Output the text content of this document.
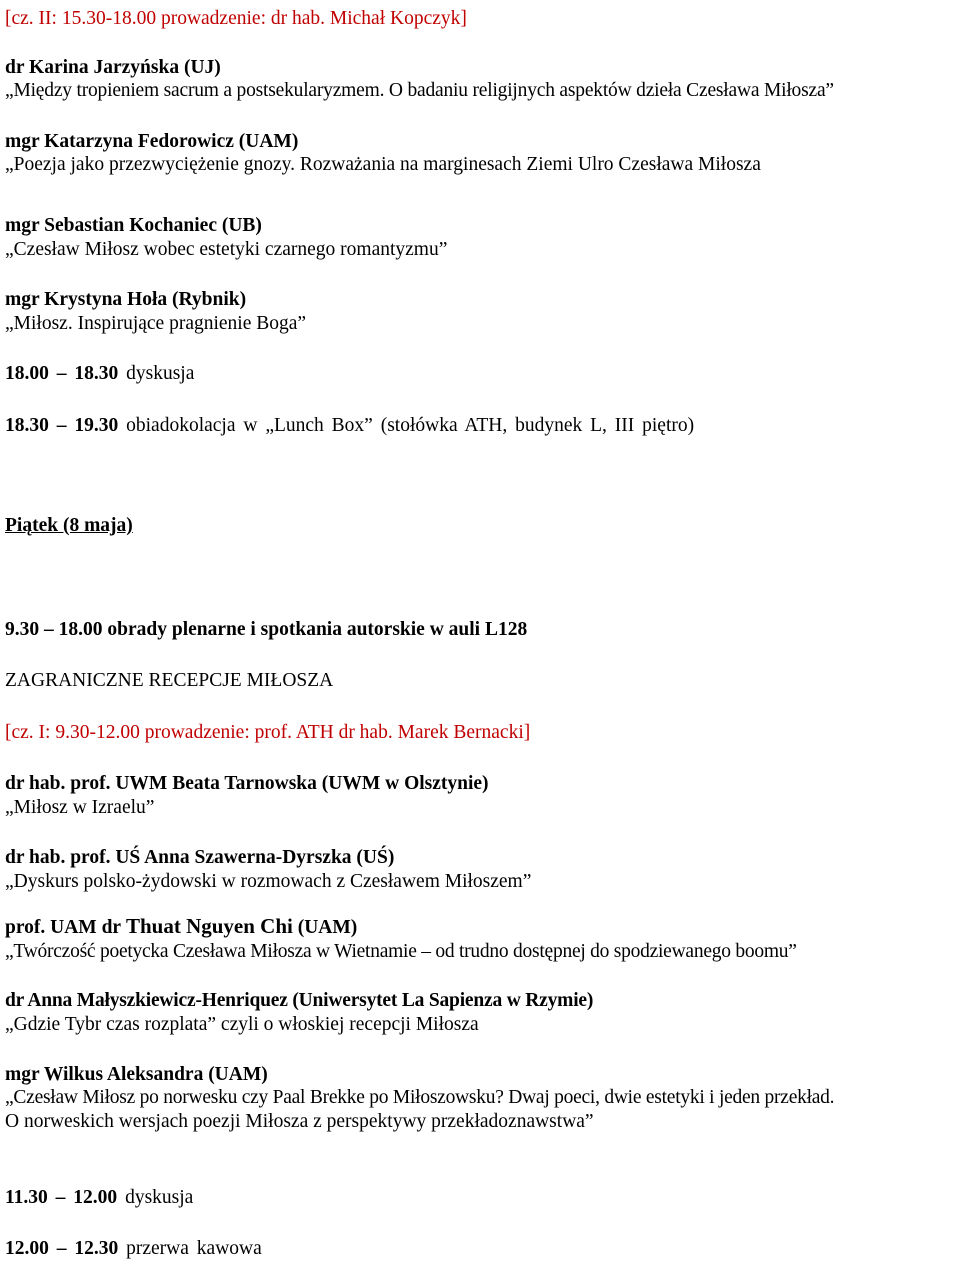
[cz. II: 15.30-18.00 prowadzenie: dr hab. Michał Kopczyk]
dr Karina Jarzyńska (UJ)
„Między tropieniem sacrum a postsekularyzmem. O badaniu religijnych aspektów dzieła Czesława Miłosza”
mgr Katarzyna Fedorowicz (UAM)
„Poezja jako przezwyciężenie gnozy. Rozważania na marginesach Ziemi Ulro Czesława Miłosza
mgr Sebastian Kochaniec (UB)
„Czesław Miłosz wobec estetyki czarnego romantyzmu”
mgr Krystyna Hoła (Rybnik)
„Miłosz. Inspirujące pragnienie Boga”
18.00 – 18.30 dyskusja
18.30 – 19.30 obiadokolacja w „Lunch Box” (stołówka ATH, budynek L, III piętro)
Piątek (8 maja)
9.30 – 18.00 obrady plenarne i spotkania autorskie w auli L128
ZAGRANICZNE RECEPCJE MIŁOSZA
[cz. I: 9.30-12.00 prowadzenie: prof. ATH dr hab. Marek Bernacki]
dr hab. prof. UWM Beata Tarnowska (UWM w Olsztynie)
„Miłosz w Izraelu”
dr hab. prof. UŚ Anna Szawerna-Dyrszka (UŚ)
„Dyskurs polsko-żydowski w rozmowach z Czesławem Miłoszem”
prof. UAM dr Thuat Nguyen Chi (UAM)
„Twórczość poetycka Czesława Miłosza w Wietnamie – od trudno dostępnej do spodziewanego boomu”
dr Anna Małyszkiewicz-Henriquez (Uniwersytet La Sapienza w Rzymie)
„Gdzie Tybr czas rozplata” czyli o włoskiej recepcji Miłosza
mgr Wilkus Aleksandra (UAM)
„Czesław Miłosz po norwesku czy Paal Brekke po Miłoszowsku? Dwaj poeci, dwie estetyki i jeden przekład.
O norweskich wersjach poezji Miłosza z perspektywy przekładoznawstwa”
11.30 – 12.00 dyskusja
12.00 – 12.30 przerwa kawowa
